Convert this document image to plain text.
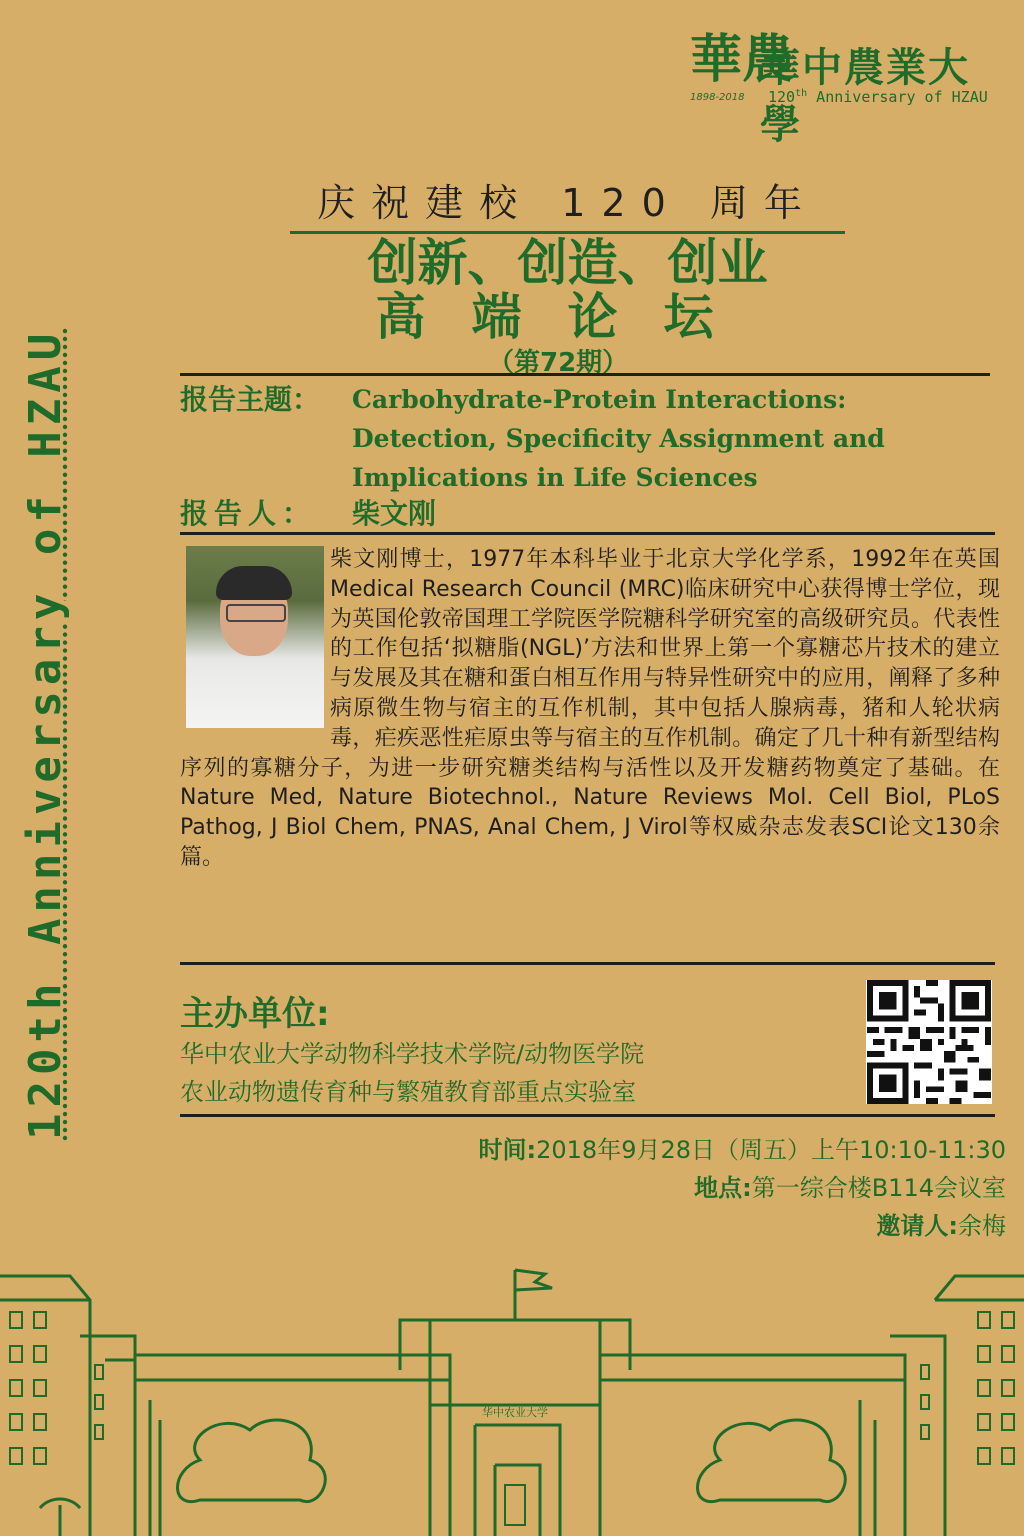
華農
1898-2018
華中農業大學
120th Anniversary of HZAU
120th Anniversary of HZAU
庆祝建校 120 周年
创新、创造、创业
高端论坛
（第72期）
报告主题： Carbohydrate-Protein Interactions: Detection, Specificity Assignment and Implications in Life Sciences
报告人： 柴文刚
柴文刚博士，1977年本科毕业于北京大学化学系，1992年在英国Medical Research Council (MRC)临床研究中心获得博士学位，现为英国伦敦帝国理工学院医学院糖科学研究室的高级研究员。代表性的工作包括‘拟糖脂(NGL)’方法和世界上第一个寡糖芯片技术的建立与发展及其在糖和蛋白相互作用与特异性研究中的应用，阐释了多种病原微生物与宿主的互作机制，其中包括人腺病毒，猪和人轮状病毒，疟疾恶性疟原虫等与宿主的互作机制。确定了几十种有新型结构序列的寡糖分子，为进一步研究糖类结构与活性以及开发糖药物奠定了基础。在Nature Med, Nature Biotechnol., Nature Reviews Mol. Cell Biol, PLoS Pathog, J Biol Chem, PNAS, Anal Chem, J Virol等权威杂志发表SCI论文130余篇。
主办单位:
华中农业大学动物科学技术学院/动物医学院
农业动物遗传育种与繁殖教育部重点实验室
时间:2018年9月28日（周五）上午10:10-11:30
地点:第一综合楼B114会议室
邀请人:余梅
华中农业大学
